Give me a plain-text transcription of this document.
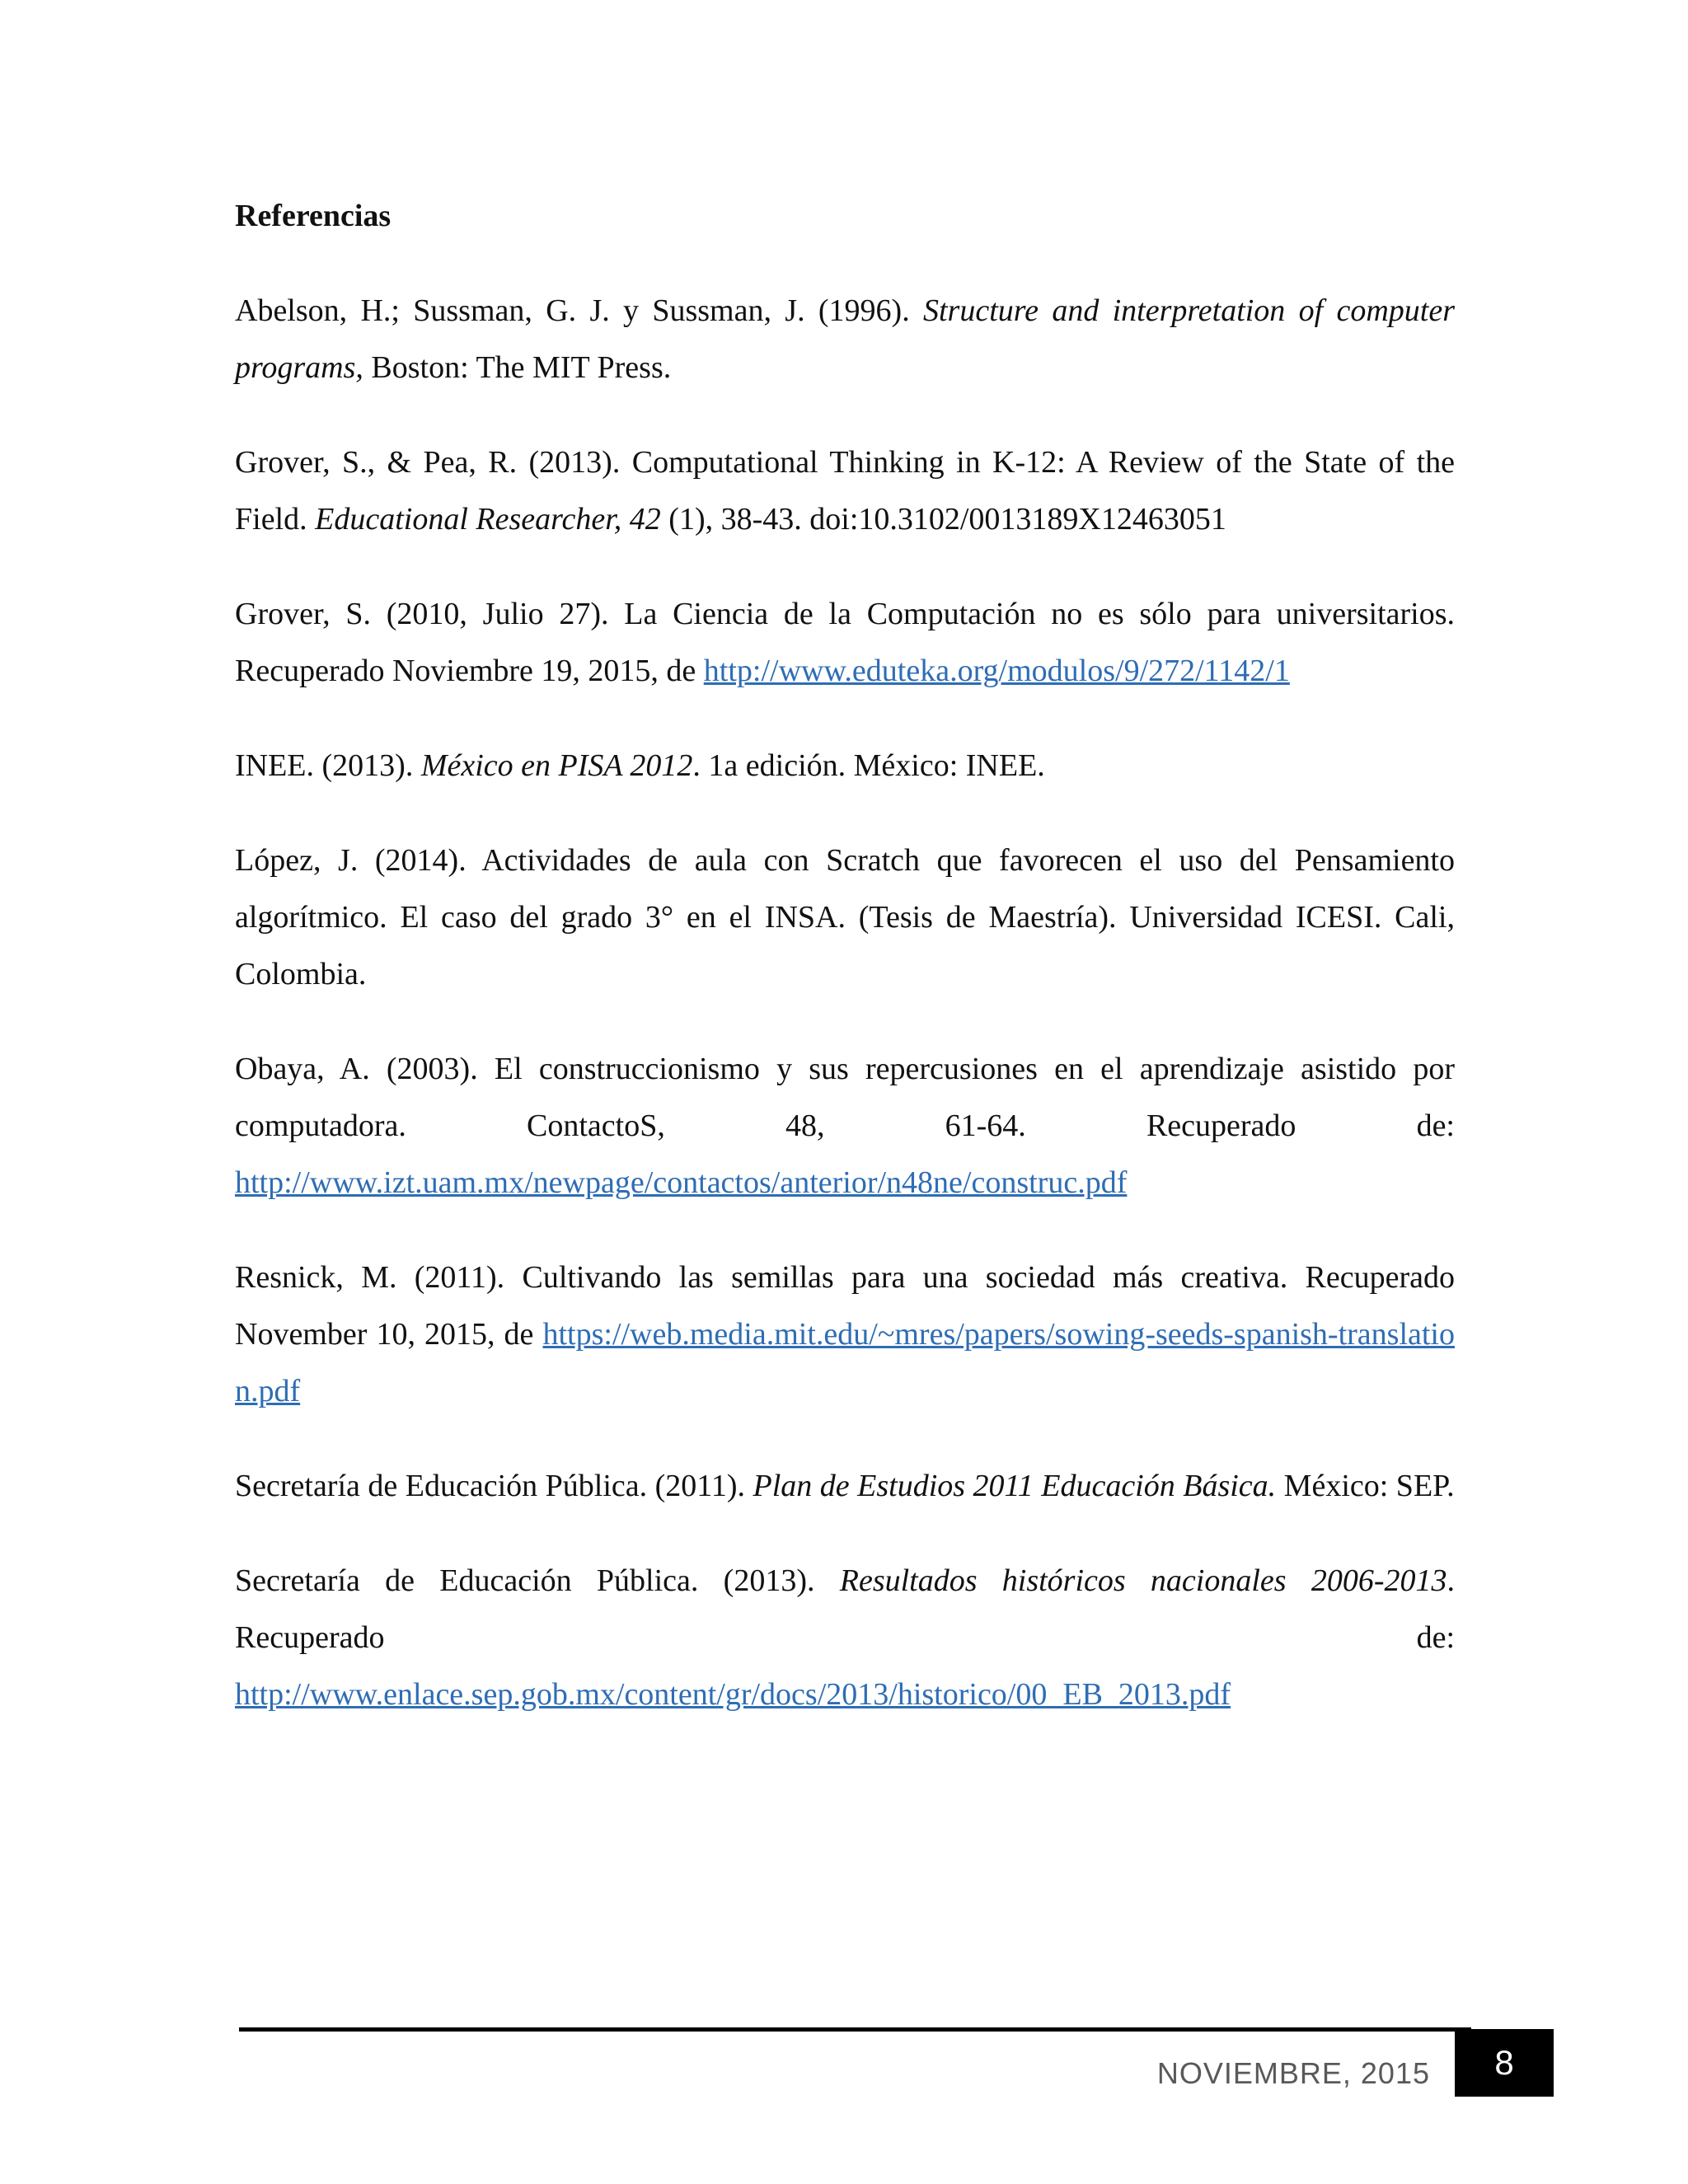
Referencias

Abelson, H.; Sussman, G. J. y Sussman, J. (1996). Structure and interpretation of computer programs, Boston: The MIT Press.

Grover, S., & Pea, R. (2013). Computational Thinking in K-12: A Review of the State of the Field. Educational Researcher, 42 (1), 38-43. doi:10.3102/0013189X12463051

Grover, S. (2010, Julio 27). La Ciencia de la Computación no es sólo para universitarios. Recuperado Noviembre 19, 2015, de http://www.eduteka.org/modulos/9/272/1142/1

INEE. (2013). México en PISA 2012. 1a edición. México: INEE.

López, J. (2014). Actividades de aula con Scratch que favorecen el uso del Pensamiento algorítmico. El caso del grado 3° en el INSA. (Tesis de Maestría). Universidad ICESI. Cali, Colombia.

Obaya, A. (2003). El construccionismo y sus repercusiones en el aprendizaje asistido por computadora. ContactoS, 48, 61-64. Recuperado de:
http://www.izt.uam.mx/newpage/contactos/anterior/n48ne/construc.pdf

Resnick, M. (2011). Cultivando las semillas para una sociedad más creativa. Recuperado November 10, 2015, de https://web.media.mit.edu/~mres/papers/sowing-seeds-spanish-translation.pdf

Secretaría de Educación Pública. (2011). Plan de Estudios 2011 Educación Básica. México: SEP.

Secretaría de Educación Pública. (2013). Resultados históricos nacionales 2006-2013. Recuperado de:
http://www.enlace.sep.gob.mx/content/gr/docs/2013/historico/00_EB_2013.pdf

NOVIEMBRE, 2015 8
